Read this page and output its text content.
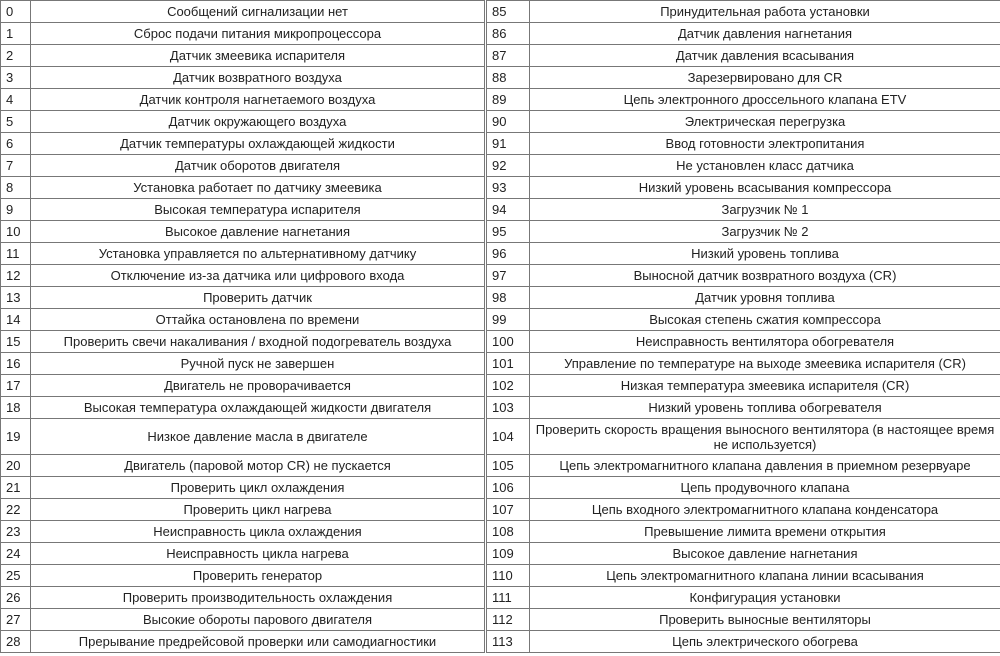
0	Сообщений сигнализации нет	85	Принудительная работа установки
1	Сброс подачи питания микропроцессора	86	Датчик давления нагнетания
2	Датчик змеевика испарителя	87	Датчик давления всасывания
3	Датчик возвратного воздуха	88	Зарезервировано для CR
4	Датчик контроля нагнетаемого воздуха	89	Цепь электронного дроссельного клапана ETV
5	Датчик окружающего воздуха	90	Электрическая перегрузка
6	Датчик температуры охлаждающей жидкости	91	Ввод готовности электропитания
7	Датчик оборотов двигателя	92	Не установлен класс датчика
8	Установка работает по датчику змеевика	93	Низкий уровень всасывания компрессора
9	Высокая температура испарителя	94	Загрузчик № 1
10	Высокое давление нагнетания	95	Загрузчик № 2
11	Установка управляется по альтернативному датчику	96	Низкий уровень топлива
12	Отключение из-за датчика или цифрового входа	97	Выносной датчик возвратного воздуха (CR)
13	Проверить датчик	98	Датчик уровня топлива
14	Оттайка остановлена по времени	99	Высокая степень сжатия компрессора
15	Проверить свечи накаливания / входной подогреватель воздуха	100	Неисправность вентилятора обогревателя
16	Ручной пуск не завершен	101	Управление по температуре на выходе змеевика испарителя (CR)
17	Двигатель не проворачивается	102	Низкая температура змеевика испарителя (CR)
18	Высокая температура охлаждающей жидкости двигателя	103	Низкий уровень топлива обогревателя
19	Низкое давление масла в двигателе	104	Проверить скорость вращения выносного вентилятора (в настоящее время не используется)
20	Двигатель (паровой мотор CR) не пускается	105	Цепь электромагнитного клапана давления в приемном резервуаре
21	Проверить цикл охлаждения	106	Цепь продувочного клапана
22	Проверить цикл нагрева	107	Цепь входного электромагнитного клапана конденсатора
23	Неисправность цикла охлаждения	108	Превышение лимита времени открытия
24	Неисправность цикла нагрева	109	Высокое давление нагнетания
25	Проверить генератор	110	Цепь электромагнитного клапана линии всасывания
26	Проверить производительность охлаждения	111	Конфигурация установки
27	Высокие обороты парового двигателя	112	Проверить выносные вентиляторы
28	Прерывание предрейсовой проверки или самодиагностики	113	Цепь электрического обогрева
